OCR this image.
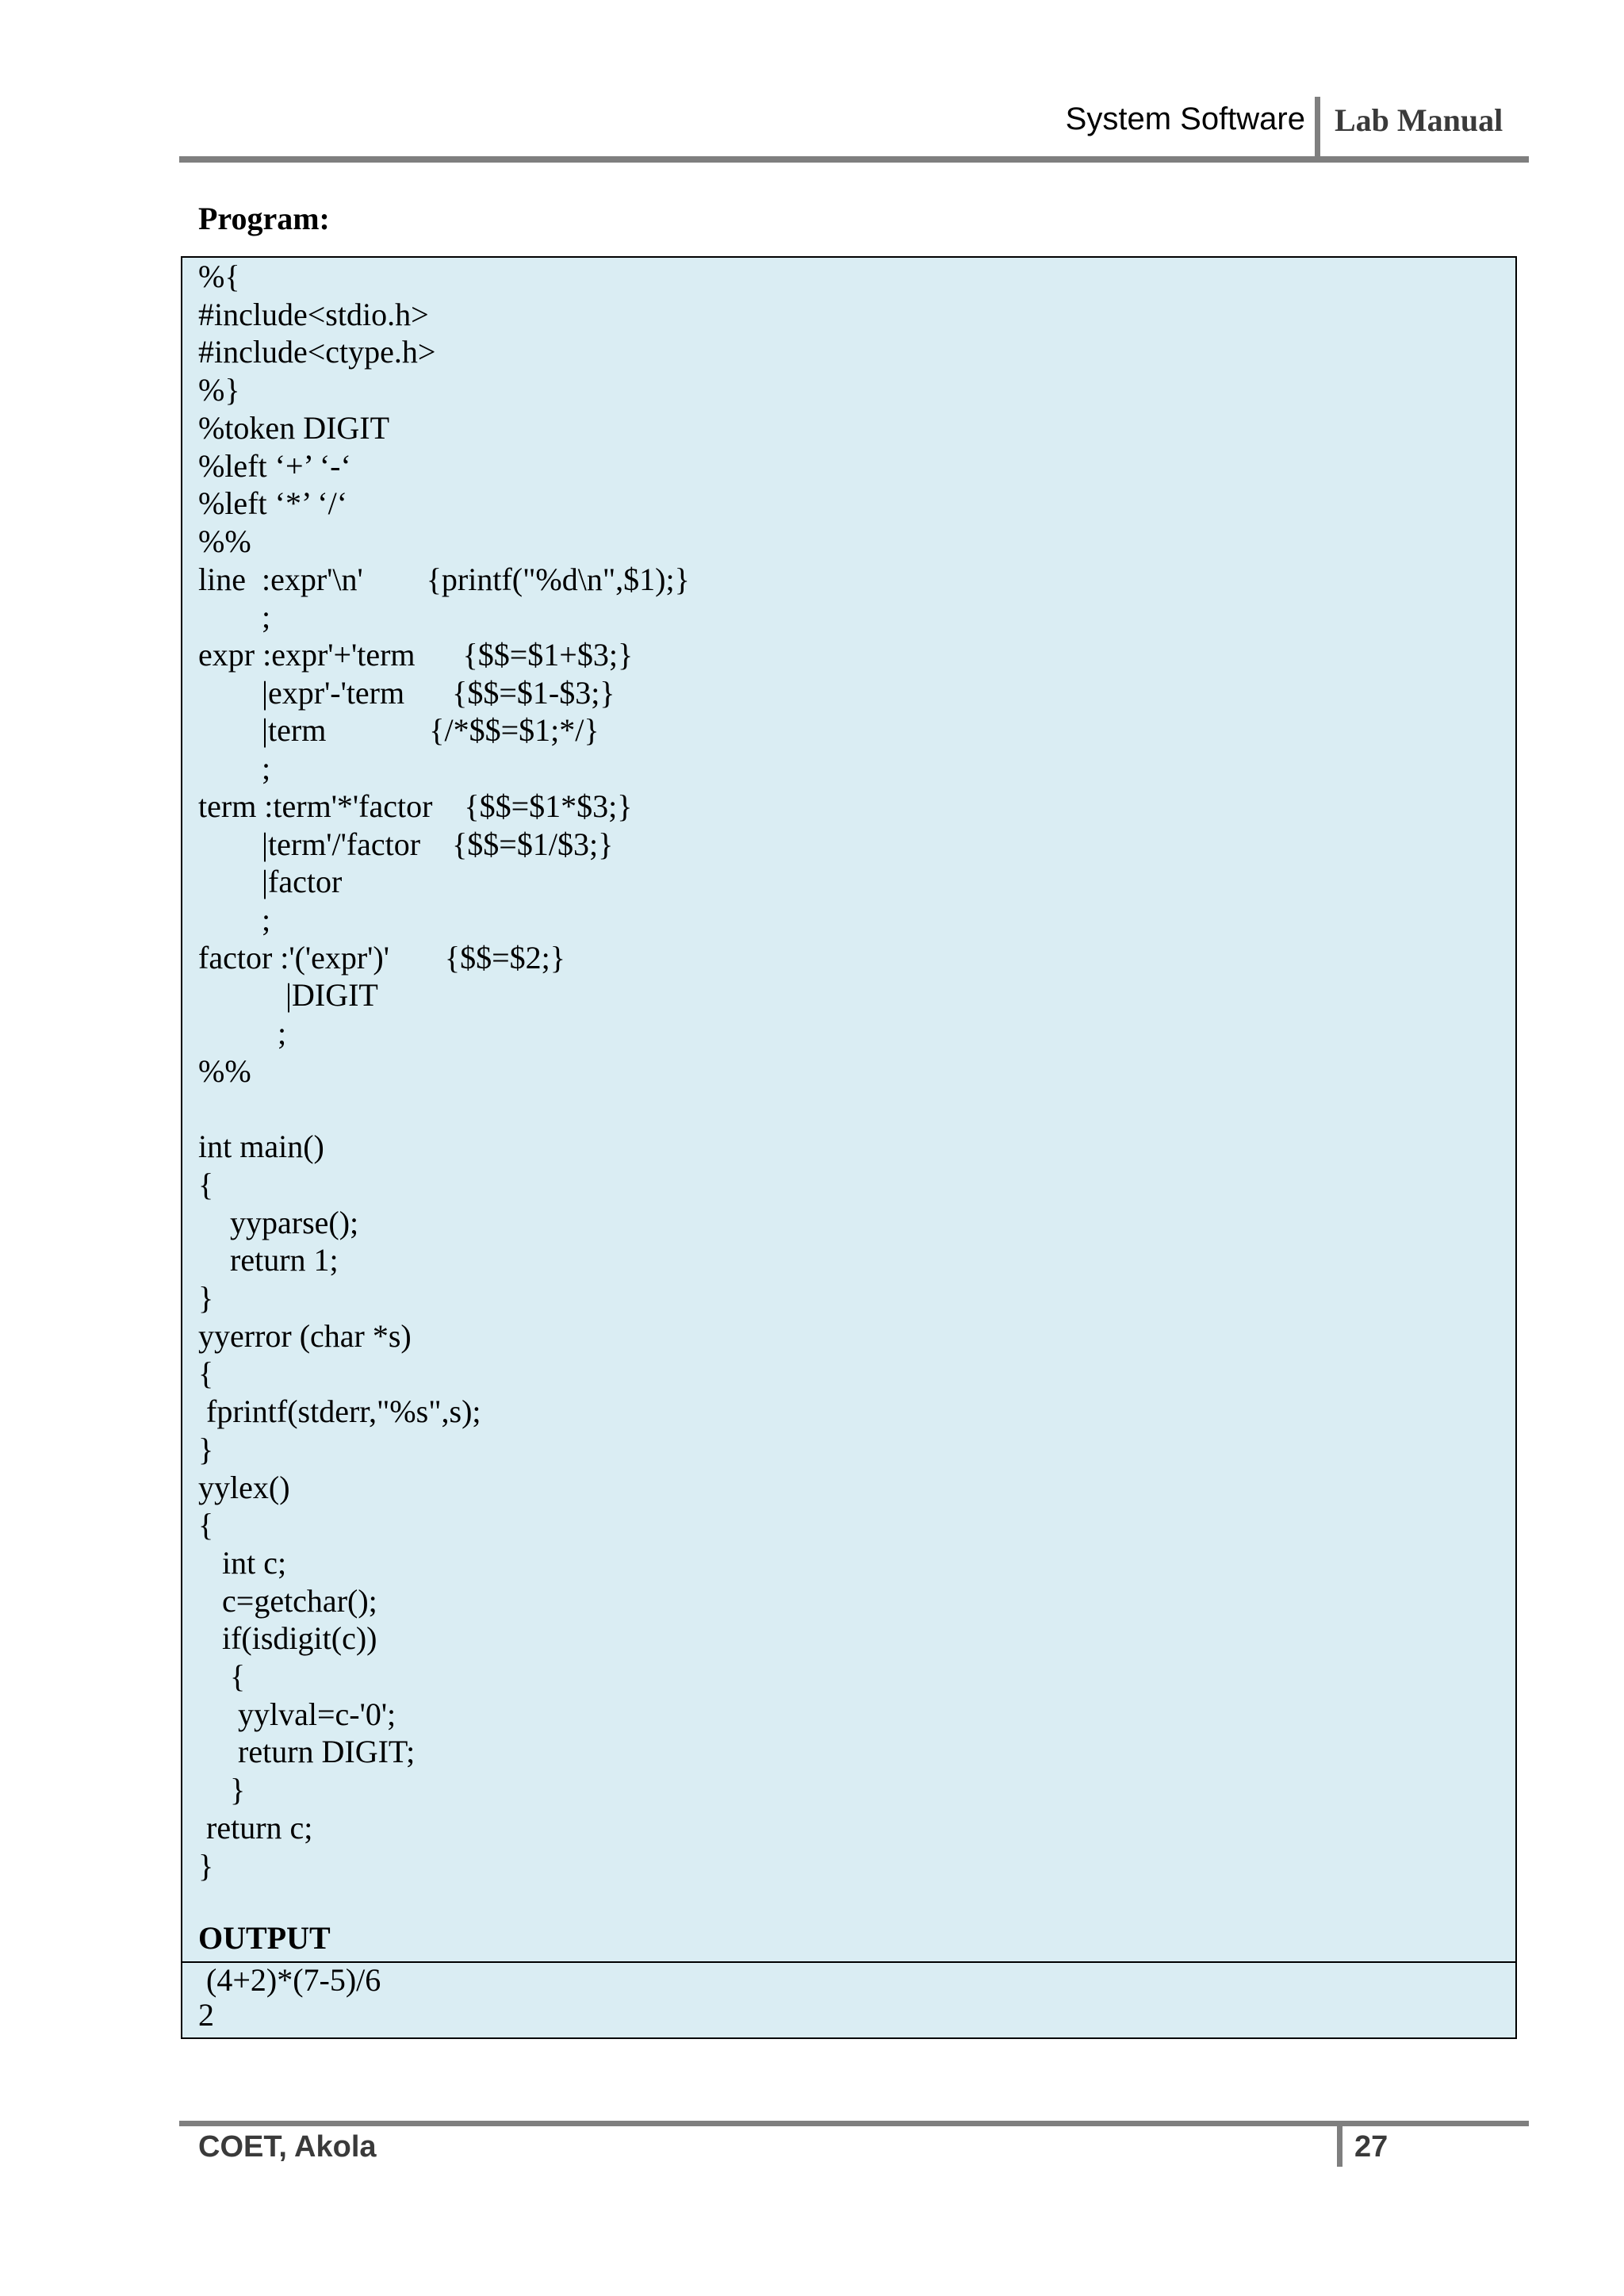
System Software Lab Manual
Program:
%{
#include<stdio.h>
#include<ctype.h>
%}
%token DIGIT
%left ‘+’ ‘-‘
%left ‘*’ ‘/‘
%%
line  :expr'\n'        {printf("%d\n",$1);}
;
expr :expr'+'term      {$$=$1+$3;}
|expr'-'term      {$$=$1-$3;}
|term             {/*$$=$1;*/}
;
term :term'*'factor    {$$=$1*$3;}
|term'/'factor    {$$=$1/$3;}
|factor
;
factor :'('expr')'       {$$=$2;}
|DIGIT
;
%%

int main()
{
yyparse();
return 1;
}
yyerror (char *s)
{
fprintf(stderr,"%s",s);
}
yylex()
{
int c;
c=getchar();
if(isdigit(c))
{
yylval=c-'0';
return DIGIT;
}
return c;
}
OUTPUT
(4+2)*(7-5)/6
2
COET, Akola	27
